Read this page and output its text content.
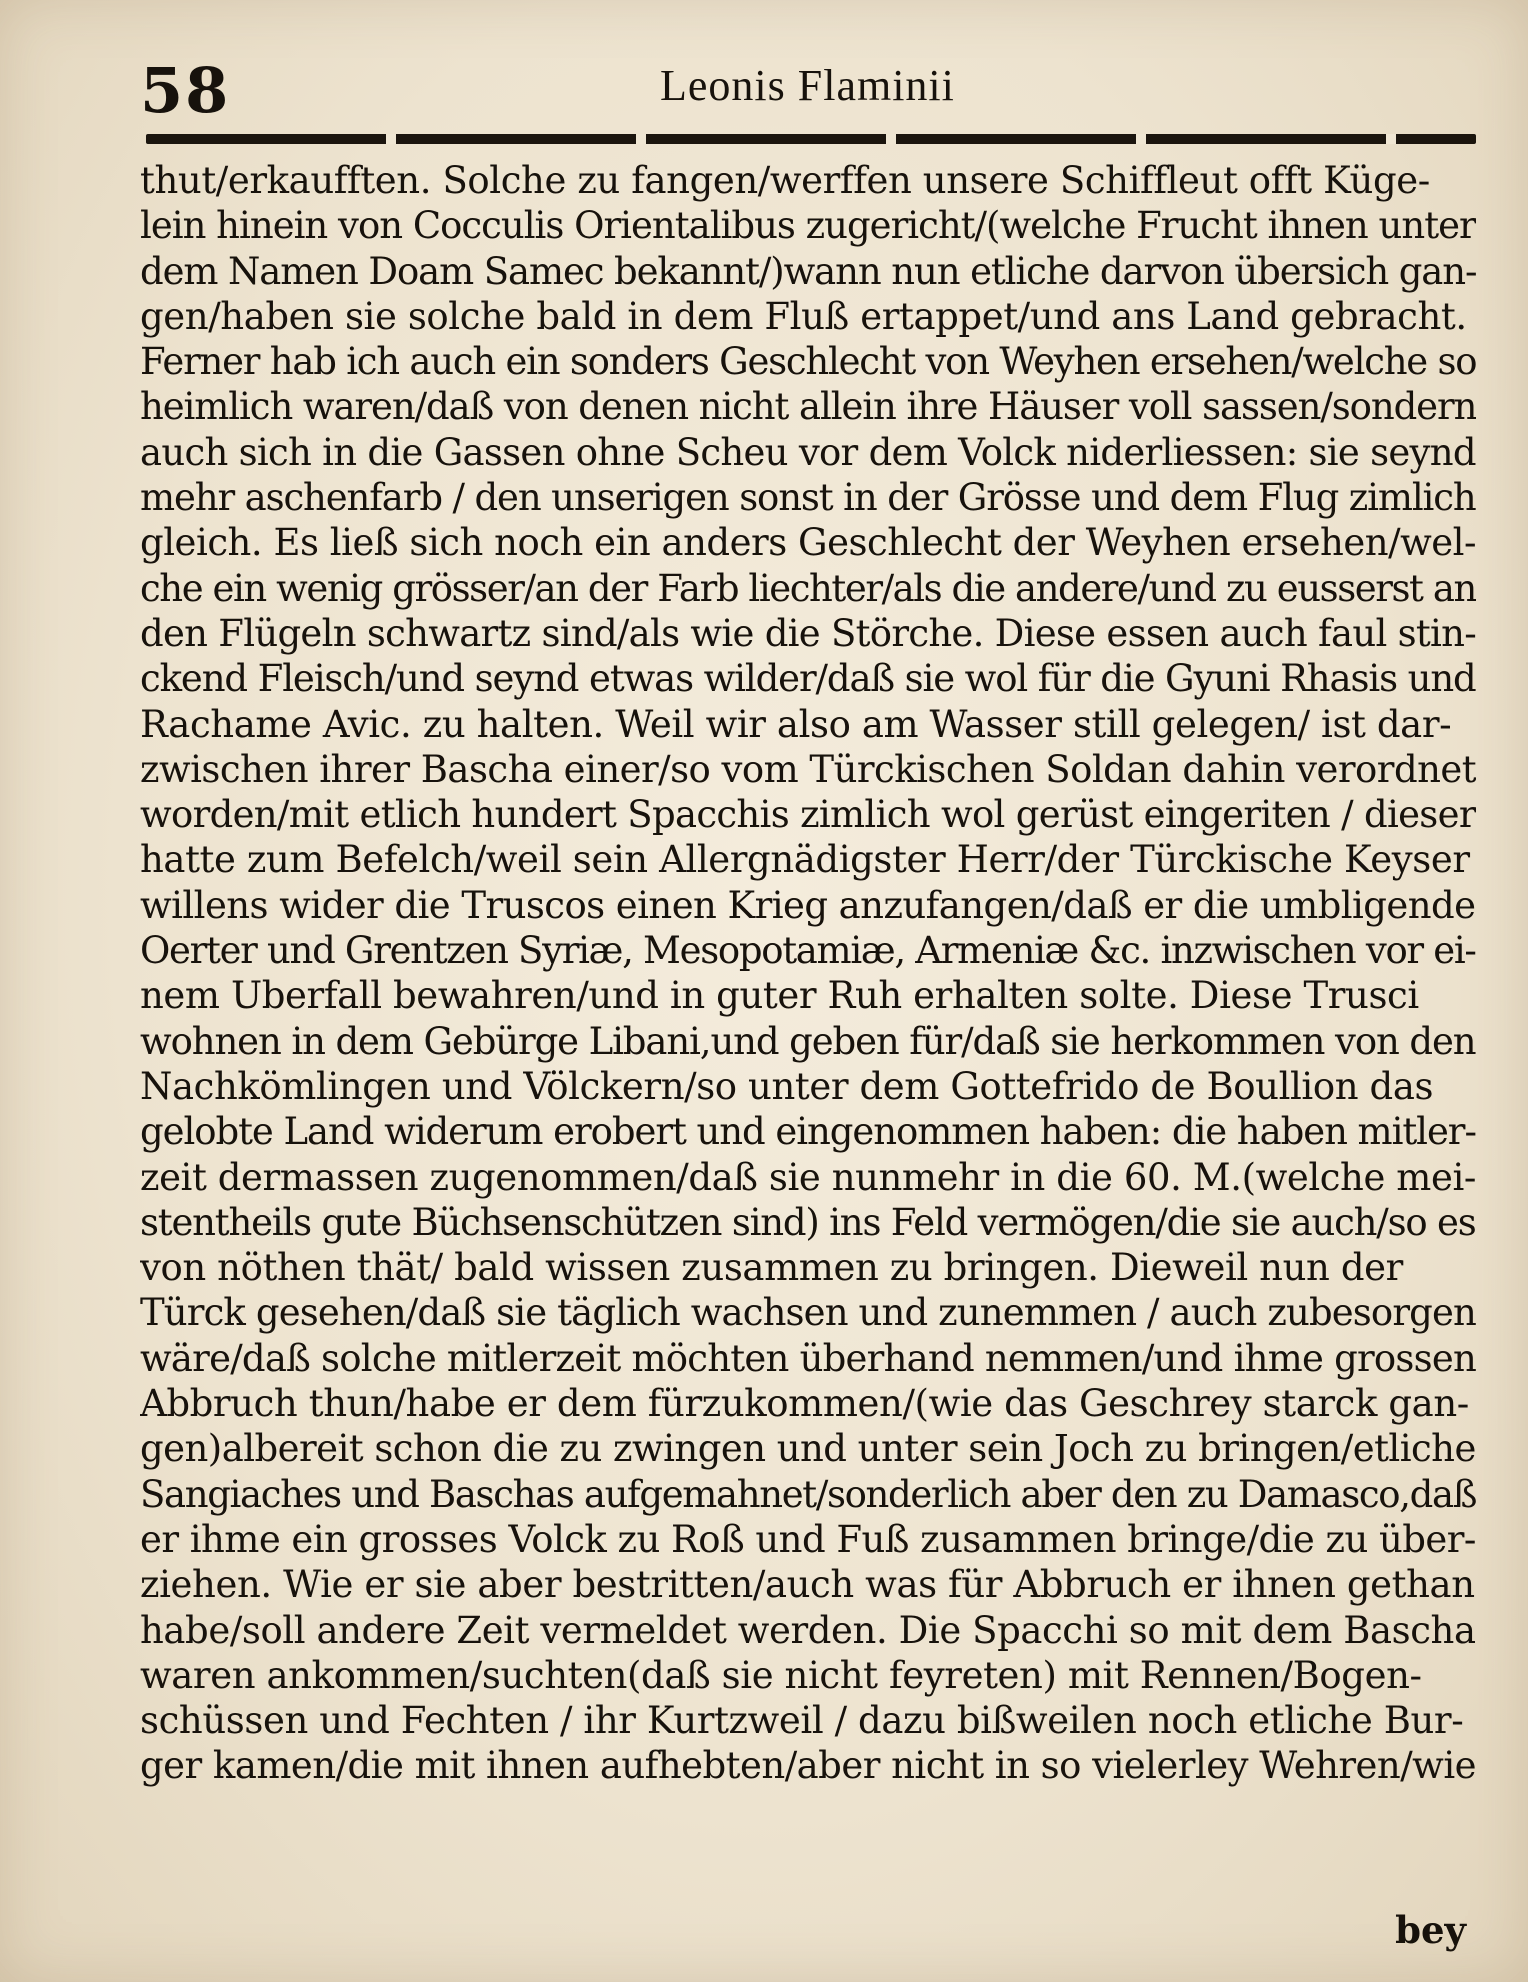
58	Leonis Flaminii
thut/erkaufften. Solche zu fangen/werffen unsere Schiffleut offt Kügе-
lein hinein von Cocculis Orientalibus zugericht/(welche Frucht ihnen unter
dem Namen Doam Samec bekannt/)wann nun etliche darvon übersich gan-
gen/haben sie solche bald in dem Fluß ertappet/und ans Land gebracht.
Ferner hab ich auch ein sonders Geschlecht von Weyhen ersehen/welche so
heimlich waren/daß von denen nicht allein ihre Häuser voll sassen/sondern
auch sich in die Gassen ohne Scheu vor dem Volck niderliessen: sie seynd
mehr aschenfarb / den unserigen sonst in der Grösse und dem Flug zimlich
gleich. Es ließ sich noch ein anders Geschlecht der Weyhen ersehen/wel-
che ein wenig grösser/an der Farb liechter/als die andere/und zu eusserst an
den Flügeln schwartz sind/als wie die Störche. Diese essen auch faul stin-
ckend Fleisch/und seynd etwas wilder/daß sie wol für die Gyuni Rhasis und
Rachame Avic. zu halten. Weil wir also am Wasser still gelegen/ ist dar-
zwischen ihrer Bascha einer/so vom Türckischen Soldan dahin verordnet
worden/mit etlich hundert Spacchis zimlich wol gerüst eingeriten / dieser
hatte zum Befelch/weil sein Allergnädigster Herr/der Türckische Keyser
willens wider die Truscos einen Krieg anzufangen/daß er die umbligende
Oerter und Grentzen Syriæ, Mesopotamiæ, Armeniæ &c. inzwischen vor ei-
nem Uberfall bewahren/und in guter Ruh erhalten solte. Diese Trusci
wohnen in dem Gebürge Libani,und geben für/daß sie herkommen von den
Nachkömlingen und Völckern/so unter dem Gottefrido de Boullion das
gelobte Land widerum erobert und eingenommen haben: die haben mitler-
zeit dermassen zugenommen/daß sie nunmehr in die 60. M.(welche mei-
stentheils gute Büchsenschützen sind) ins Feld vermögen/die sie auch/so es
von nöthen thät/ bald wissen zusammen zu bringen. Dieweil nun der
Türck gesehen/daß sie täglich wachsen und zunemmen / auch zubesorgen
wäre/daß solche mitlerzeit möchten überhand nemmen/und ihme grossen
Abbruch thun/habe er dem fürzukommen/(wie das Geschrey starck gan-
gen)albereit schon die zu zwingen und unter sein Joch zu bringen/etliche
Sangiaches und Baschas aufgemahnet/sonderlich aber den zu Damasco,daß
er ihme ein grosses Volck zu Roß und Fuß zusammen bringe/die zu über-
ziehen. Wie er sie aber bestritten/auch was für Abbruch er ihnen gethan
habe/soll andere Zeit vermeldet werden. Die Spacchi so mit dem Bascha
waren ankommen/suchten(daß sie nicht feyreten) mit Rennen/Bogen-
schüssen und Fechten / ihr Kurtzweil / dazu bißweilen noch etliche Bur-
ger kamen/die mit ihnen aufhebten/aber nicht in so vielerley Wehren/wie
bey
